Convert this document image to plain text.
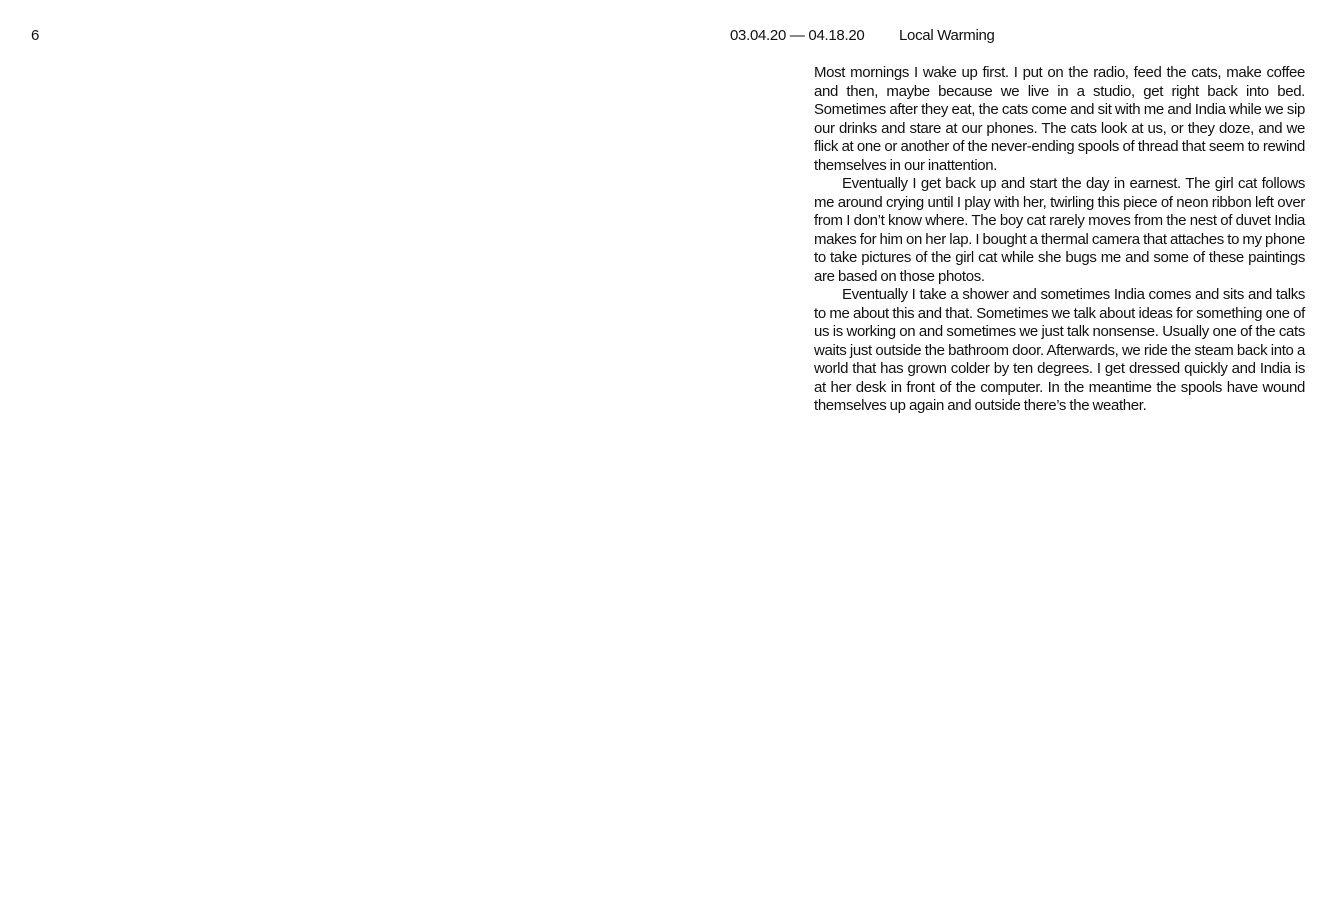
6	03.04.20 — 04.18.20 Local Warming

Most mornings I wake up first. I put on the radio, feed the cats, make coffee and then, maybe because we live in a studio, get right back into bed. Sometimes after they eat, the cats come and sit with me and India while we sip our drinks and stare at our phones. The cats look at us, or they doze, and we flick at one or another of the never-ending spools of thread that seem to rewind themselves in our inattention.

Eventually I get back up and start the day in earnest. The girl cat follows me around crying until I play with her, twirling this piece of neon ribbon left over from I don’t know where. The boy cat rarely moves from the nest of duvet India makes for him on her lap. I bought a thermal camera that attaches to my phone to take pictures of the girl cat while she bugs me and some of these paintings are based on those photos.

Eventually I take a shower and sometimes India comes and sits and talks to me about this and that. Sometimes we talk about ideas for something one of us is working on and sometimes we just talk nonsense. Usually one of the cats waits just outside the bathroom door. Afterwards, we ride the steam back into a world that has grown colder by ten degrees. I get dressed quickly and India is at her desk in front of the computer. In the meantime the spools have wound themselves up again and outside there’s the weather.
